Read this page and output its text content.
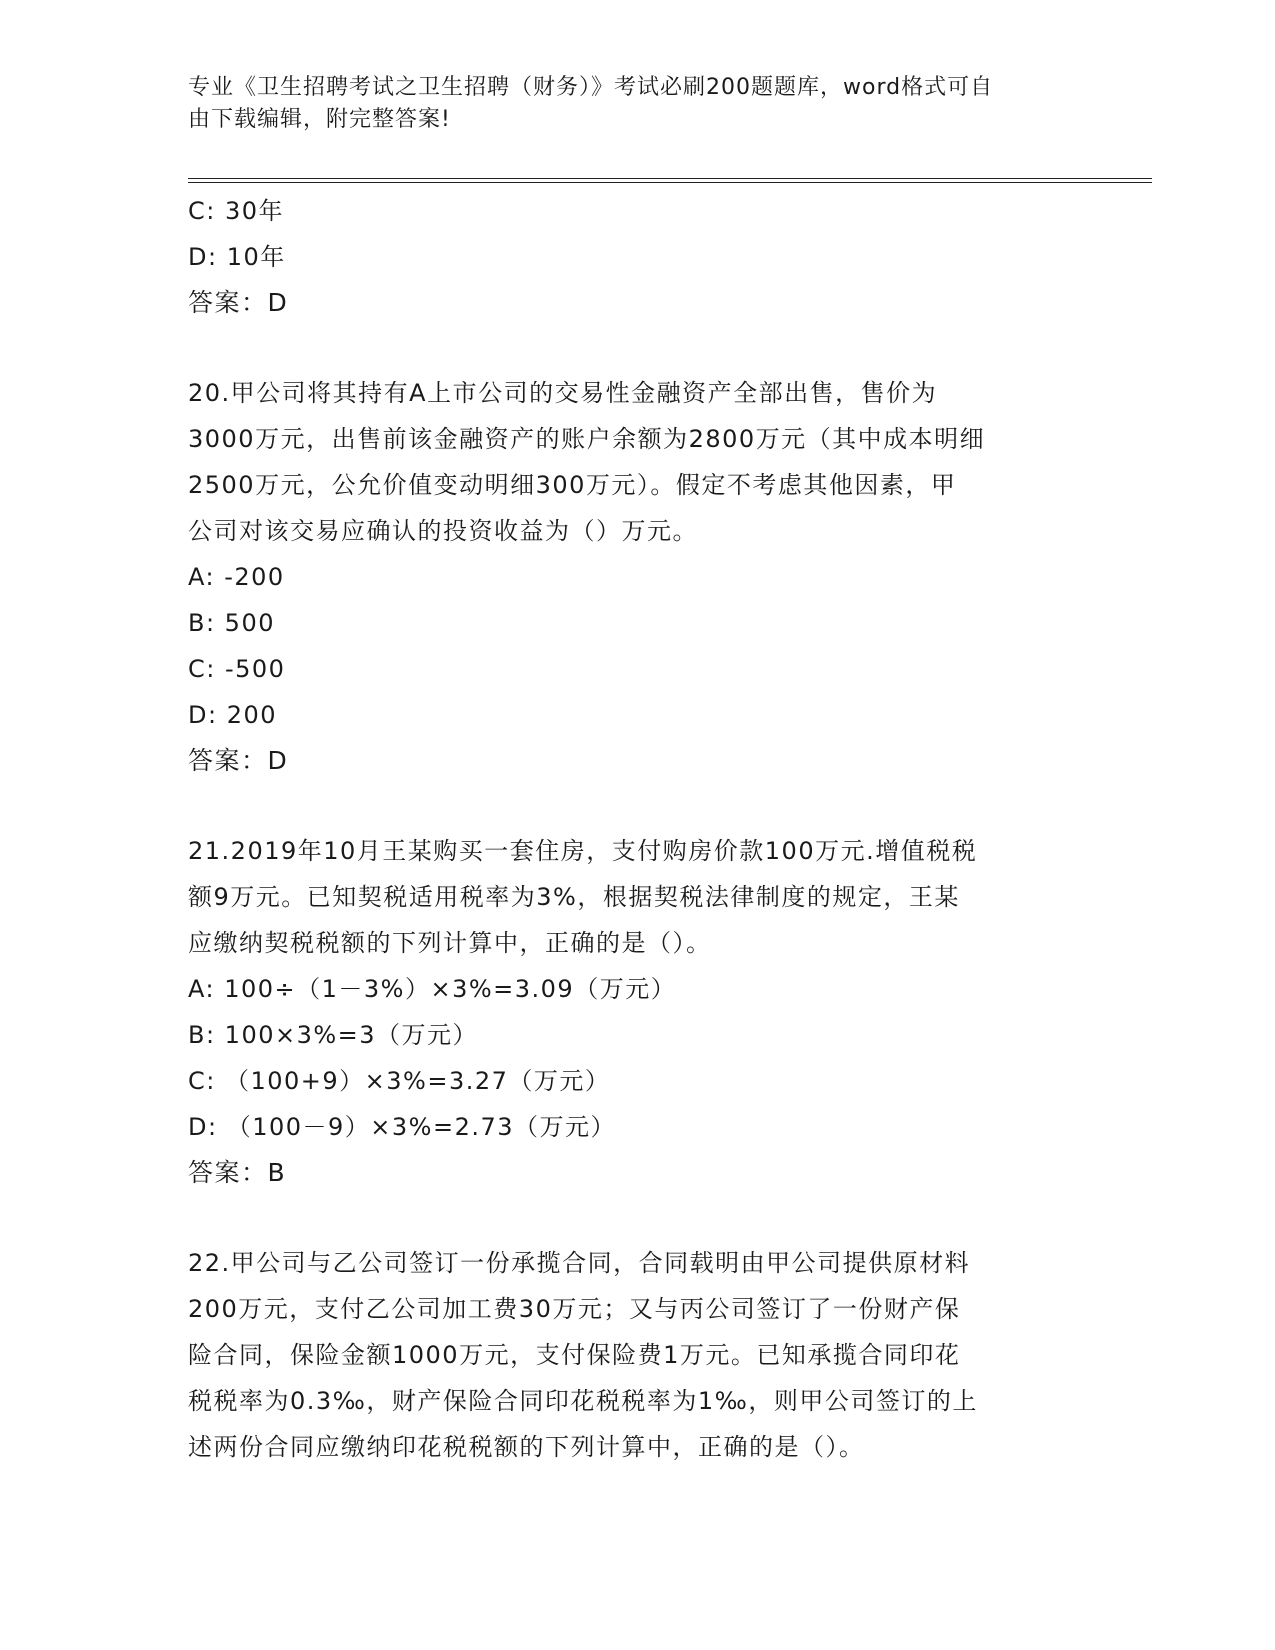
专业《卫生招聘考试之卫生招聘（财务）》考试必刷200题题库，word格式可自
由下载编辑，附完整答案!
C: 30年
D: 10年
答案：D
20.甲公司将其持有A上市公司的交易性金融资产全部出售，售价为
3000万元，出售前该金融资产的账户余额为2800万元（其中成本明细
2500万元，公允价值变动明细300万元）。假定不考虑其他因素，甲
公司对该交易应确认的投资收益为（）万元。
A: -200
B: 500
C: -500
D: 200
答案：D
21.2019年10月王某购买一套住房，支付购房价款100万元.增值税税
额9万元。已知契税适用税率为3%，根据契税法律制度的规定，王某
应缴纳契税税额的下列计算中，正确的是（）。
A: 100÷（1－3%）×3%=3.09（万元）
B: 100×3%=3（万元）
C: （100+9）×3%=3.27（万元）
D: （100－9）×3%=2.73（万元）
答案：B
22.甲公司与乙公司签订一份承揽合同，合同载明由甲公司提供原材料
200万元，支付乙公司加工费30万元；又与丙公司签订了一份财产保
险合同，保险金额1000万元，支付保险费1万元。已知承揽合同印花
税税率为0.3‰，财产保险合同印花税税率为1‰，则甲公司签订的上
述两份合同应缴纳印花税税额的下列计算中，正确的是（）。
